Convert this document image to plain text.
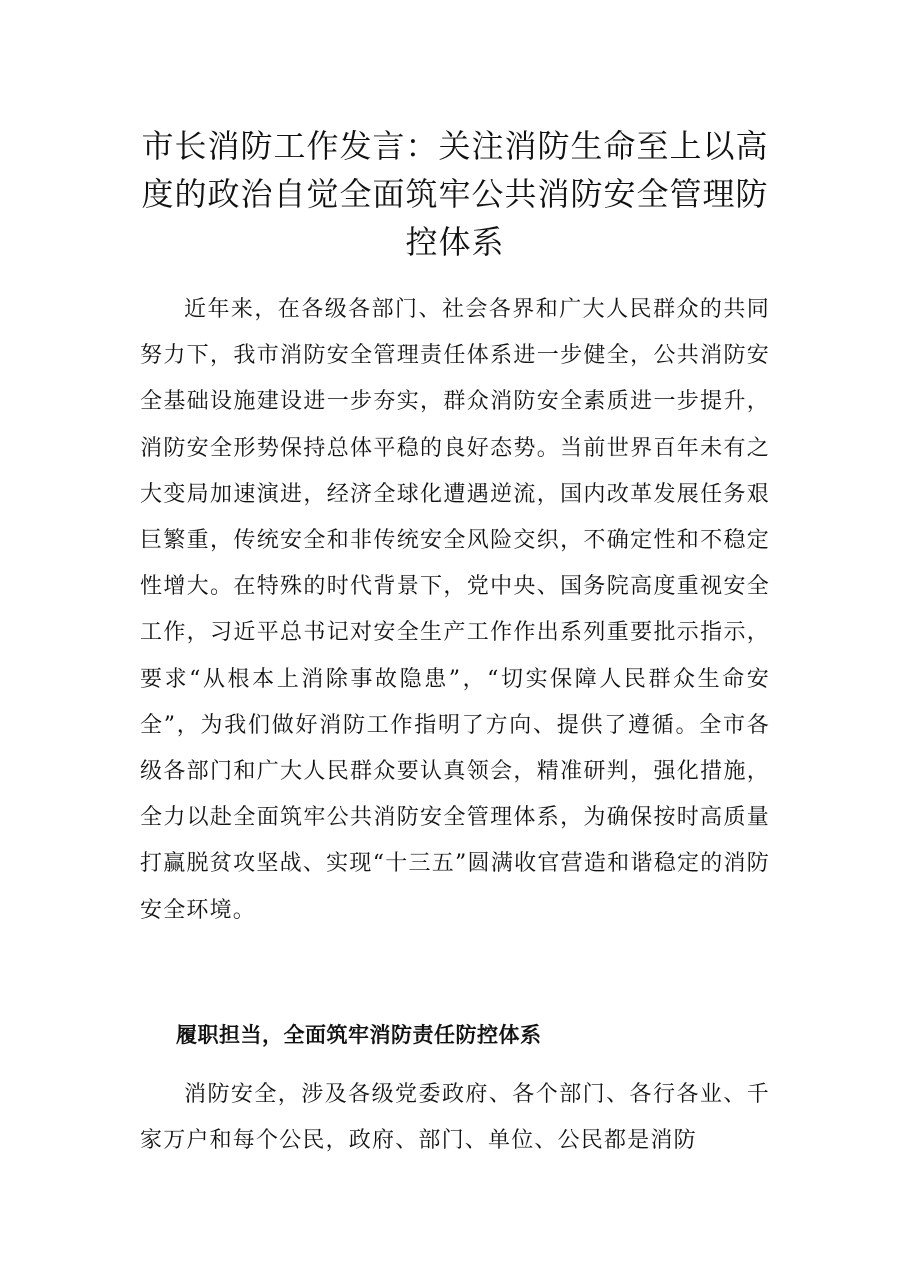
市长消防工作发言：关注消防生命至上以高度的政治自觉全面筑牢公共消防安全管理防控体系

近年来，在各级各部门、社会各界和广大人民群众的共同努力下，我市消防安全管理责任体系进一步健全，公共消防安全基础设施建设进一步夯实，群众消防安全素质进一步提升，消防安全形势保持总体平稳的良好态势。当前世界百年未有之大变局加速演进，经济全球化遭遇逆流，国内改革发展任务艰巨繁重，传统安全和非传统安全风险交织，不确定性和不稳定性增大。在特殊的时代背景下，党中央、国务院高度重视安全工作，习近平总书记对安全生产工作作出系列重要批示指示，要求“从根本上消除事故隐患”，“切实保障人民群众生命安全”，为我们做好消防工作指明了方向、提供了遵循。全市各级各部门和广大人民群众要认真领会，精准研判，强化措施，全力以赴全面筑牢公共消防安全管理体系，为确保按时高质量打赢脱贫攻坚战、实现“十三五”圆满收官营造和谐稳定的消防安全环境。

履职担当，全面筑牢消防责任防控体系

消防安全，涉及各级党委政府、各个部门、各行各业、千家万户和每个公民，政府、部门、单位、公民都是消防
